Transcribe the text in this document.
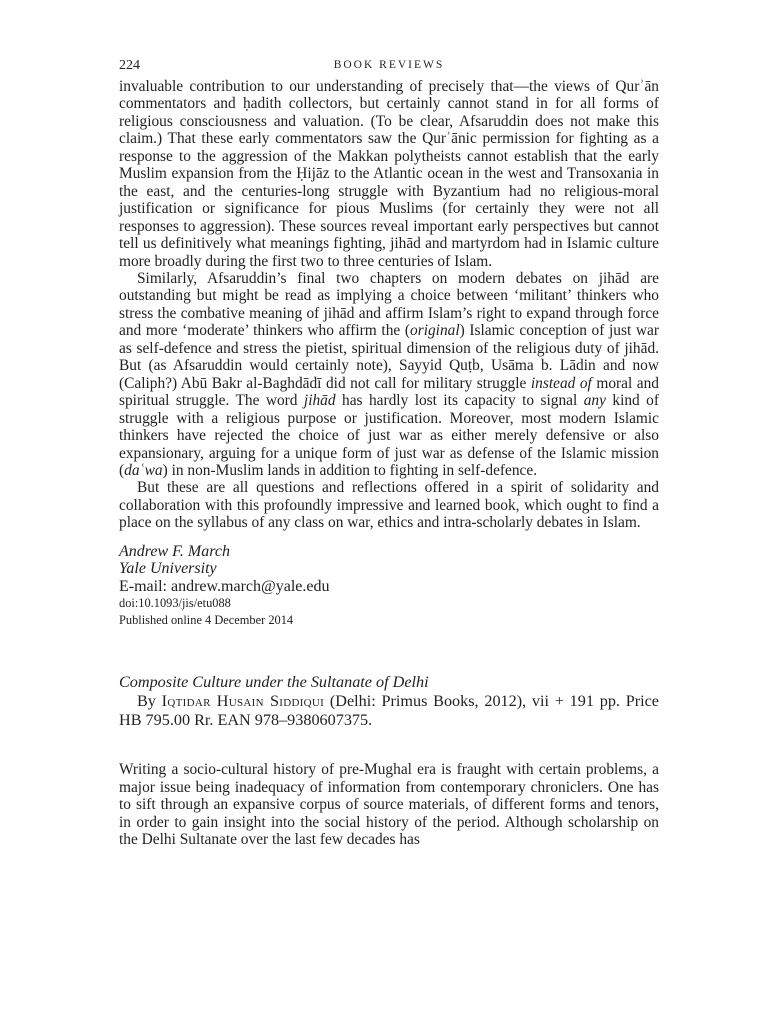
224	BOOK REVIEWS

invaluable contribution to our understanding of precisely that—the views of Qurʾān commentators and ḥadith collectors, but certainly cannot stand in for all forms of religious consciousness and valuation. (To be clear, Afsaruddin does not make this claim.) That these early commentators saw the Qurʾānic permission for fighting as a response to the aggression of the Makkan polytheists cannot establish that the early Muslim expansion from the Ḥijāz to the Atlantic ocean in the west and Transoxania in the east, and the centuries-long struggle with Byzantium had no religious-moral justification or significance for pious Muslims (for certainly they were not all responses to aggression). These sources reveal important early perspectives but cannot tell us definitively what meanings fighting, jihād and martyrdom had in Islamic culture more broadly during the first two to three centuries of Islam.

Similarly, Afsaruddin’s final two chapters on modern debates on jihād are outstanding but might be read as implying a choice between ‘militant’ thinkers who stress the combative meaning of jihād and affirm Islam’s right to expand through force and more ‘moderate’ thinkers who affirm the (original) Islamic conception of just war as self-defence and stress the pietist, spiritual dimension of the religious duty of jihād. But (as Afsaruddin would certainly note), Sayyid Quṭb, Usāma b. Lādin and now (Caliph?) Abū Bakr al-Baghdādī did not call for military struggle instead of moral and spiritual struggle. The word jihād has hardly lost its capacity to signal any kind of struggle with a religious purpose or justification. Moreover, most modern Islamic thinkers have rejected the choice of just war as either merely defensive or also expansionary, arguing for a unique form of just war as defense of the Islamic mission (daʿwa) in non-Muslim lands in addition to fighting in self-defence.

But these are all questions and reflections offered in a spirit of solidarity and collaboration with this profoundly impressive and learned book, which ought to find a place on the syllabus of any class on war, ethics and intra-scholarly debates in Islam.

Andrew F. March
Yale University
E-mail: andrew.march@yale.edu
doi:10.1093/jis/etu088
Published online 4 December 2014
Composite Culture under the Sultanate of Delhi

By Iqtidar Husain Siddiqui (Delhi: Primus Books, 2012), vii + 191 pp. Price HB 795.00 Rr. EAN 978–9380607375.

Writing a socio-cultural history of pre-Mughal era is fraught with certain problems, a major issue being inadequacy of information from contemporary chroniclers. One has to sift through an expansive corpus of source materials, of different forms and tenors, in order to gain insight into the social history of the period. Although scholarship on the Delhi Sultanate over the last few decades has
